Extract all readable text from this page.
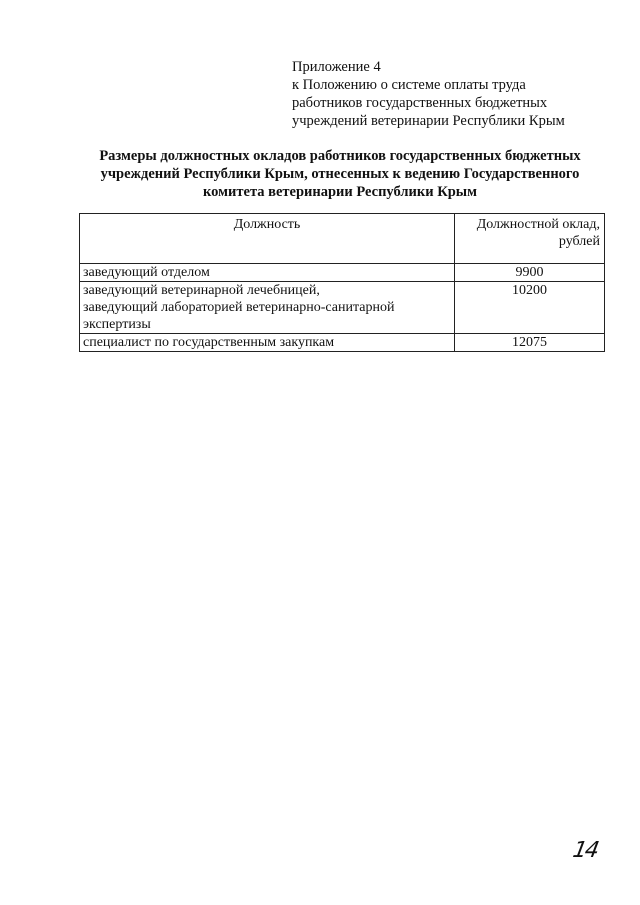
Приложение 4
к Положению о системе оплаты труда
работников государственных бюджетных
учреждений ветеринарии Республики Крым
Размеры должностных окладов работников государственных бюджетных
учреждений Республики Крым, отнесенных к ведению Государственного
комитета ветеринарии Республики Крым
Должность	Должностной оклад,
рублей

заведующий отделом	9900

заведующий ветеринарной лечебницей,
заведующий лабораторией ветеринарно-санитарной
экспертизы	10200

специалист по государственным закупкам	12075
14
